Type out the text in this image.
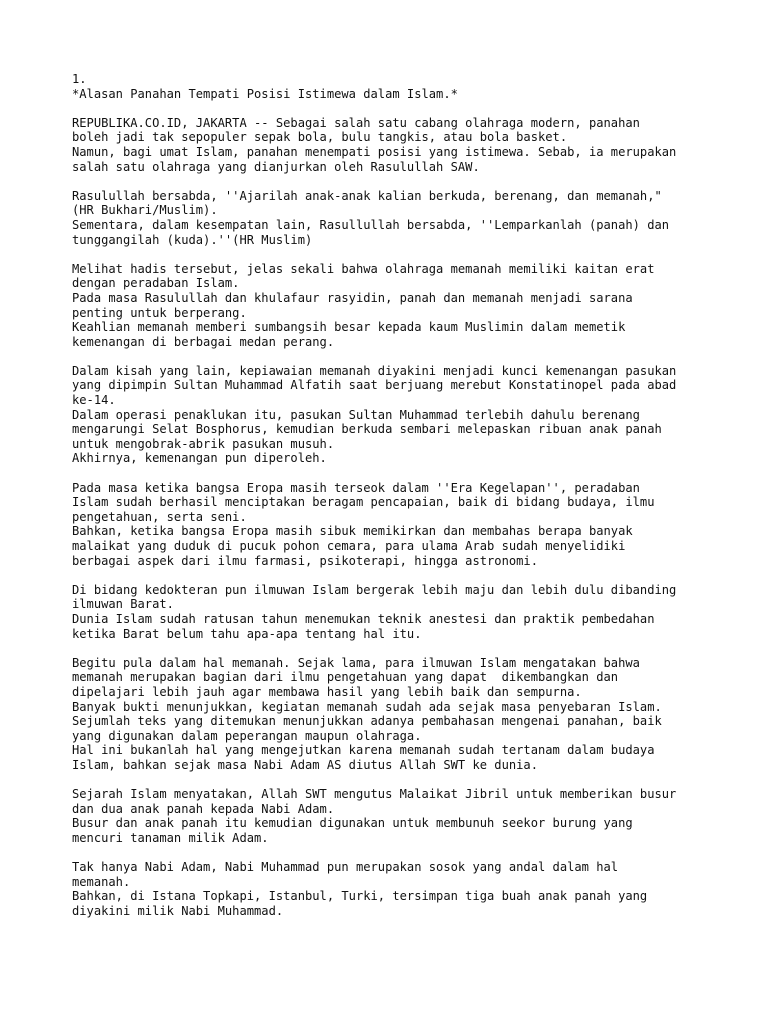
1.
*Alasan Panahan Tempati Posisi Istimewa dalam Islam.*
REPUBLIKA.CO.ID, JAKARTA -- Sebagai salah satu cabang olahraga modern, panahan
boleh jadi tak sepopuler sepak bola, bulu tangkis, atau bola basket.
Namun, bagi umat Islam, panahan menempati posisi yang istimewa. Sebab, ia merupakan
salah satu olahraga yang dianjurkan oleh Rasulullah SAW.
Rasulullah bersabda, ''Ajarilah anak-anak kalian berkuda, berenang, dan memanah,"
(HR Bukhari/Muslim).
Sementara, dalam kesempatan lain, Rasullullah bersabda, ''Lemparkanlah (panah) dan
tunggangilah (kuda).''(HR Muslim)
Melihat hadis tersebut, jelas sekali bahwa olahraga memanah memiliki kaitan erat
dengan peradaban Islam.
Pada masa Rasulullah dan khulafaur rasyidin, panah dan memanah menjadi sarana
penting untuk berperang.
Keahlian memanah memberi sumbangsih besar kepada kaum Muslimin dalam memetik
kemenangan di berbagai medan perang.
Dalam kisah yang lain, kepiawaian memanah diyakini menjadi kunci kemenangan pasukan
yang dipimpin Sultan Muhammad Alfatih saat berjuang merebut Konstatinopel pada abad
ke-14.
Dalam operasi penaklukan itu, pasukan Sultan Muhammad terlebih dahulu berenang
mengarungi Selat Bosphorus, kemudian berkuda sembari melepaskan ribuan anak panah
untuk mengobrak-abrik pasukan musuh.
Akhirnya, kemenangan pun diperoleh.
Pada masa ketika bangsa Eropa masih terseok dalam ''Era Kegelapan'', peradaban
Islam sudah berhasil menciptakan beragam pencapaian, baik di bidang budaya, ilmu
pengetahuan, serta seni.
Bahkan, ketika bangsa Eropa masih sibuk memikirkan dan membahas berapa banyak
malaikat yang duduk di pucuk pohon cemara, para ulama Arab sudah menyelidiki
berbagai aspek dari ilmu farmasi, psikoterapi, hingga astronomi.
Di bidang kedokteran pun ilmuwan Islam bergerak lebih maju dan lebih dulu dibanding
ilmuwan Barat.
Dunia Islam sudah ratusan tahun menemukan teknik anestesi dan praktik pembedahan
ketika Barat belum tahu apa-apa tentang hal itu.
Begitu pula dalam hal memanah. Sejak lama, para ilmuwan Islam mengatakan bahwa
memanah merupakan bagian dari ilmu pengetahuan yang dapat  dikembangkan dan
dipelajari lebih jauh agar membawa hasil yang lebih baik dan sempurna.
Banyak bukti menunjukkan, kegiatan memanah sudah ada sejak masa penyebaran Islam.
Sejumlah teks yang ditemukan menunjukkan adanya pembahasan mengenai panahan, baik
yang digunakan dalam peperangan maupun olahraga.
Hal ini bukanlah hal yang mengejutkan karena memanah sudah tertanam dalam budaya
Islam, bahkan sejak masa Nabi Adam AS diutus Allah SWT ke dunia.
Sejarah Islam menyatakan, Allah SWT mengutus Malaikat Jibril untuk memberikan busur
dan dua anak panah kepada Nabi Adam.
Busur dan anak panah itu kemudian digunakan untuk membunuh seekor burung yang
mencuri tanaman milik Adam.
Tak hanya Nabi Adam, Nabi Muhammad pun merupakan sosok yang andal dalam hal
memanah.
Bahkan, di Istana Topkapi, Istanbul, Turki, tersimpan tiga buah anak panah yang
diyakini milik Nabi Muhammad.
